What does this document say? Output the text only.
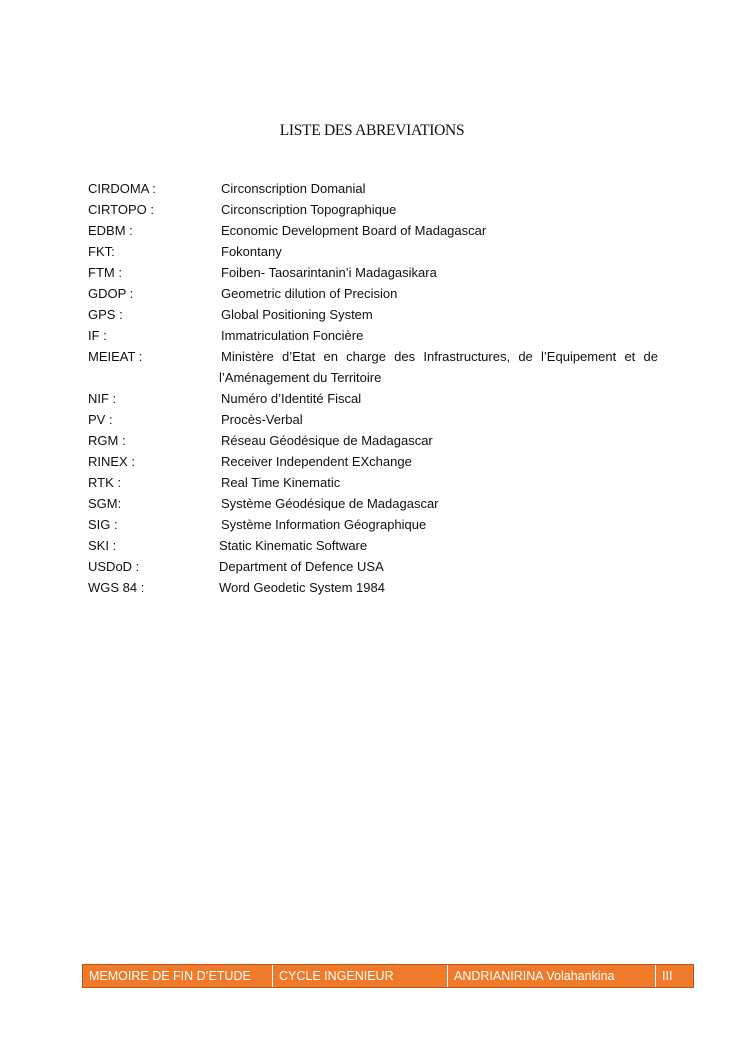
LISTE DES ABREVIATIONS
CIRDOMA :	Circonscription Domanial
CIRTOPO :	Circonscription Topographique
EDBM :	Economic Development Board of Madagascar
FKT:	Fokontany
FTM :	Foiben- Taosarintanin’i Madagasikara
GDOP :	Geometric dilution of Precision
GPS :	Global Positioning System
IF :	Immatriculation Foncière
MEIEAT :	Ministère d’Etat en charge des Infrastructures, de l’Equipement et de l’Aménagement du Territoire
NIF :	Numéro d’Identité Fiscal
PV :	Procès-Verbal
RGM :	Réseau Géodésique de Madagascar
RINEX :	Receiver Independent EXchange
RTK :	Real Time Kinematic
SGM:	Système Géodésique de Madagascar
SIG :	Système Information Géographique
SKI :	Static Kinematic Software
USDoD :	Department of Defence USA
WGS 84 :	Word Geodetic System 1984
MEMOIRE DE FIN D’ETUDE	CYCLE INGENIEUR	ANDRIANIRINA Volahankina	III
